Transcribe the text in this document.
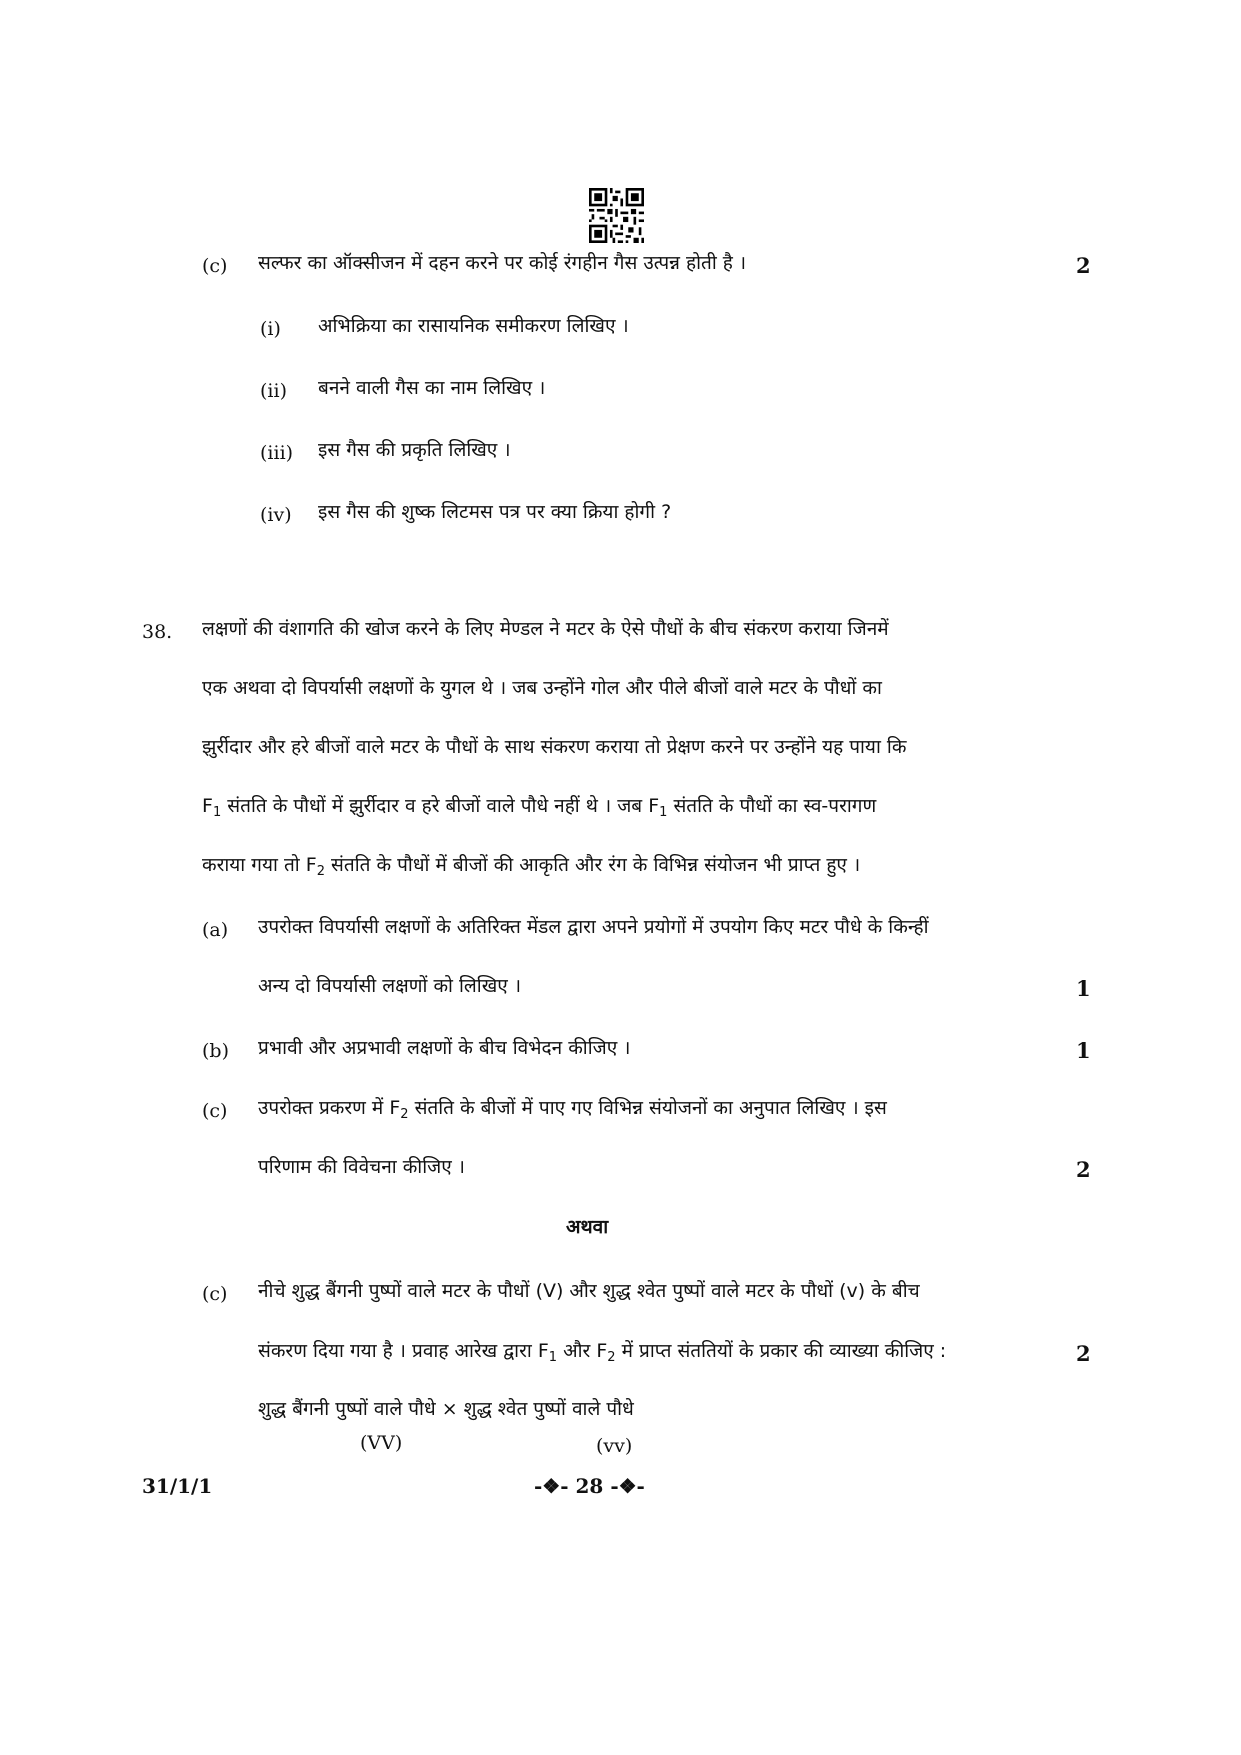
(c) सल्फर का ऑक्सीजन में दहन करने पर कोई रंगहीन गैस उत्पन्न होती है ।	2
(i) अभिक्रिया का रासायनिक समीकरण लिखिए ।
(ii) बनने वाली गैस का नाम लिखिए ।
(iii) इस गैस की प्रकृति लिखिए ।
(iv) इस गैस की शुष्क लिटमस पत्र पर क्या क्रिया होगी ?
38. लक्षणों की वंशागति की खोज करने के लिए मेण्डल ने मटर के ऐसे पौधों के बीच संकरण कराया जिनमें
एक अथवा दो विपर्यासी लक्षणों के युगल थे । जब उन्होंने गोल और पीले बीजों वाले मटर के पौधों का
झुर्रीदार और हरे बीजों वाले मटर के पौधों के साथ संकरण कराया तो प्रेक्षण करने पर उन्होंने यह पाया कि
$F_1$ संतति के पौधों में झुर्रीदार व हरे बीजों वाले पौधे नहीं थे । जब $F_1$ संतति के पौधों का स्व-परागण
कराया गया तो $F_2$ संतति के पौधों में बीजों की आकृति और रंग के विभिन्न संयोजन भी प्राप्त हुए ।
(a) उपरोक्त विपर्यासी लक्षणों के अतिरिक्त मेंडल द्वारा अपने प्रयोगों में उपयोग किए मटर पौधे के किन्हीं
अन्य दो विपर्यासी लक्षणों को लिखिए ।	1
(b) प्रभावी और अप्रभावी लक्षणों के बीच विभेदन कीजिए ।	1
(c) उपरोक्त प्रकरण में $F_2$ संतति के बीजों में पाए गए विभिन्न संयोजनों का अनुपात लिखिए । इस
परिणाम की विवेचना कीजिए ।	2
अथवा
(c) नीचे शुद्ध बैंगनी पुष्पों वाले मटर के पौधों (V) और शुद्ध श्वेत पुष्पों वाले मटर के पौधों (v) के बीच
संकरण दिया गया है । प्रवाह आरेख द्वारा $F_1$ और $F_2$ में प्राप्त संततियों के प्रकार की व्याख्या कीजिए :	2
शुद्ध बैंगनी पुष्पों वाले पौधे × शुद्ध श्वेत पुष्पों वाले पौधे
(VV)	(vv)
31/1/1	-❖- 28 -❖-
